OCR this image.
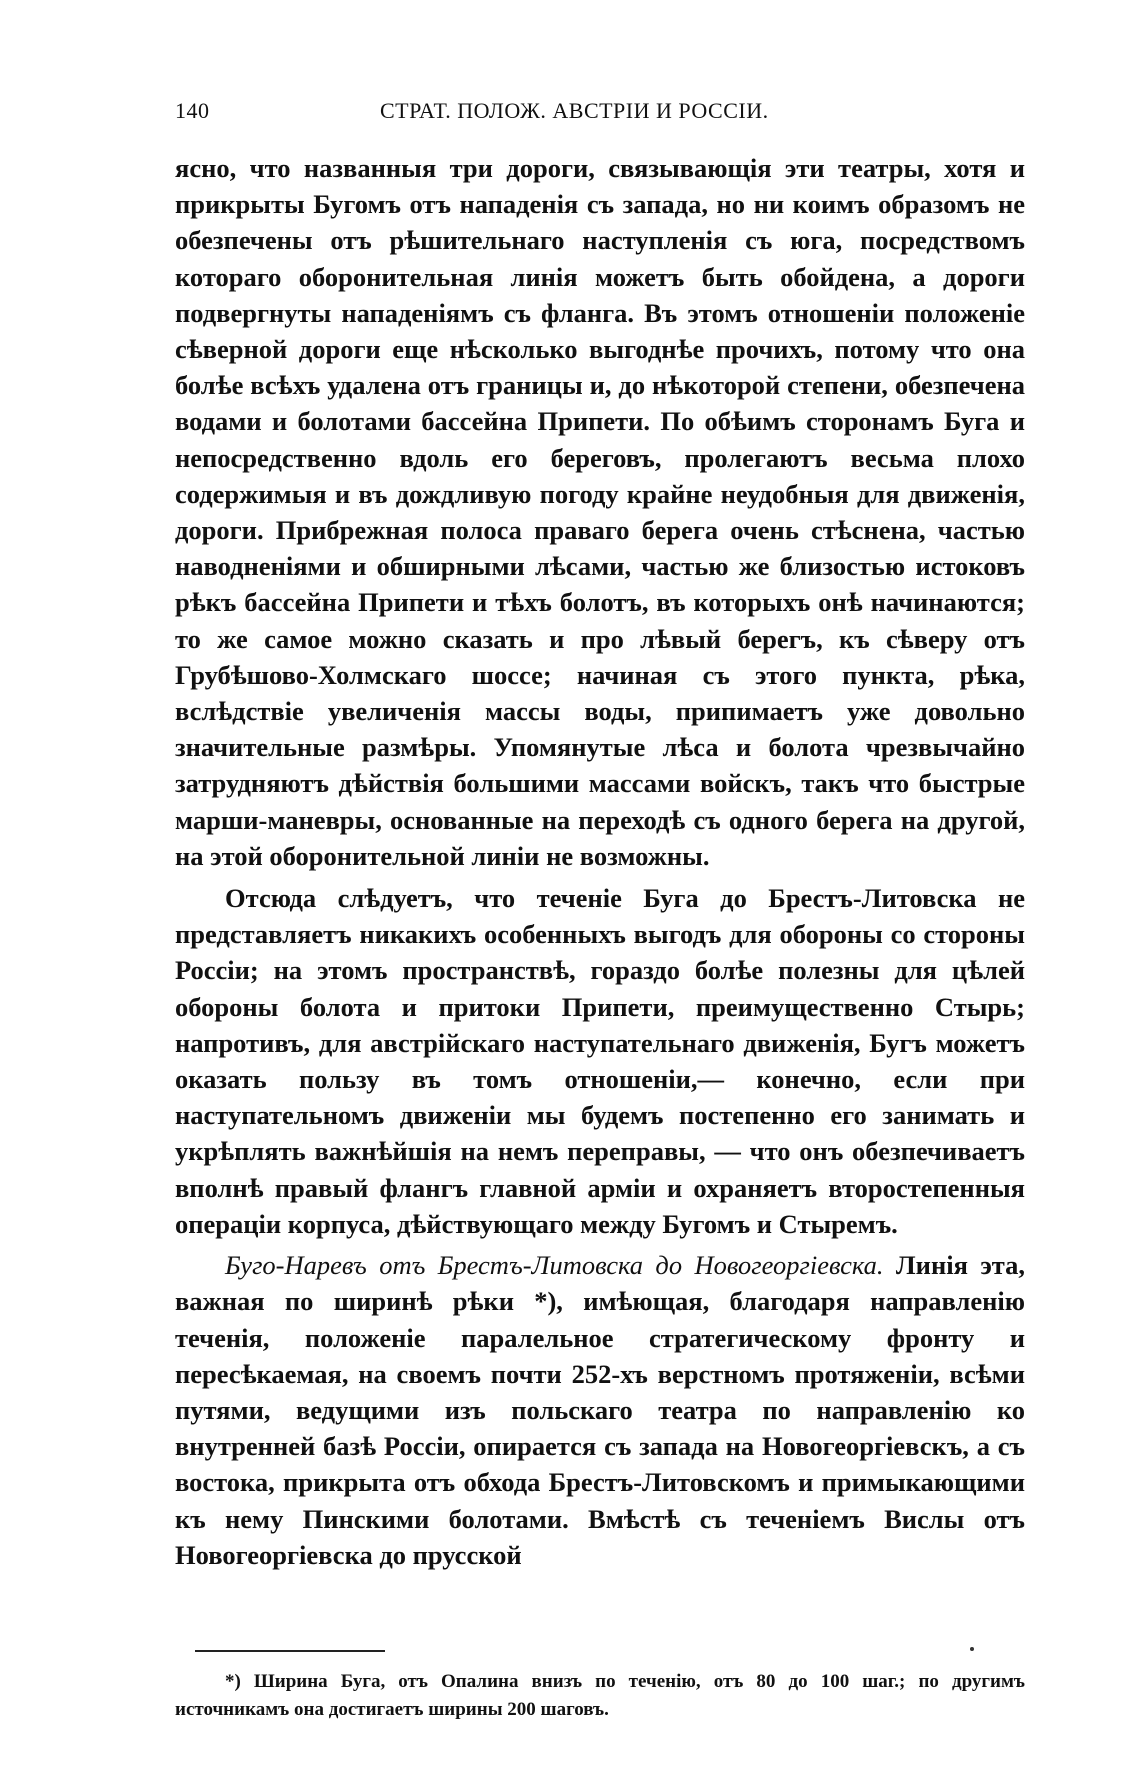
140	СТРАТ. ПОЛОЖ. АВСТРІИ И РОССІИ.

ясно, что названныя три дороги, связывающія эти театры, хотя и прикрыты Бугомъ отъ нападенія съ запада, но ни коимъ образомъ не обезпечены отъ рѣшительнаго наступленія съ юга, посредствомъ котораго оборонительная линія можетъ быть обойдена, а дороги подвергнуты нападеніямъ съ фланга. Въ этомъ отношеніи положеніе сѣверной дороги еще нѣсколько выгоднѣе прочихъ, потому что она болѣе всѣхъ удалена отъ границы и, до нѣкоторой степени, обезпечена водами и болотами бассейна Припети. По обѣимъ сторонамъ Буга и непосредственно вдоль его береговъ, пролегаютъ весьма плохо содержимыя и въ дождливую погоду крайне неудобныя для движенія, дороги. Прибрежная полоса праваго берега очень стѣснена, частью наводненіями и обширными лѣсами, частью же близостью истоковъ рѣкъ бассейна Припети и тѣхъ болотъ, въ которыхъ онѣ начинаются; то же самое можно сказать и про лѣвый берегъ, къ сѣверу отъ Грубѣшово-Холмскаго шоссе; начиная съ этого пункта, рѣка, вслѣдствіе увеличенія массы воды, припимаетъ уже довольно значительные размѣры. Упомянутые лѣса и болота чрезвычайно затрудняютъ дѣйствія большими массами войскъ, такъ что быстрые марши-маневры, основанные на переходѣ съ одного берега на другой, на этой оборонительной линіи не возможны.

Отсюда слѣдуетъ, что теченіе Буга до Брестъ-Литовска не представляетъ никакихъ особенныхъ выгодъ для обороны со стороны Россіи; на этомъ пространствѣ, гораздо болѣе полезны для цѣлей обороны болота и притоки Припети, преимущественно Стырь; напротивъ, для австрійскаго наступательнаго движенія, Бугъ можетъ оказать пользу въ томъ отношеніи,— конечно, если при наступательномъ движеніи мы будемъ постепенно его занимать и укрѣплять важнѣйшія на немъ переправы, — что онъ обезпечиваетъ вполнѣ правый флангъ главной арміи и охраняетъ второстепенныя операціи корпуса, дѣйствующаго между Бугомъ и Стыремъ.

Буго-Наревъ отъ Брестъ-Литовска до Новогеоргіевска. Линія эта, важная по ширинѣ рѣки *), имѣющая, благодаря направленію теченія, положеніе паралельное стратегическому фронту и пересѣкаемая, на своемъ почти 252-хъ верстномъ протяженіи, всѣми путями, ведущими изъ польскаго театра по направленію ко внутренней базѣ Россіи, опирается съ запада на Новогеоргіевскъ, а съ востока, прикрыта отъ обхода Брестъ-Литовскомъ и примыкающими къ нему Пинскими болотами. Вмѣстѣ съ теченіемъ Вислы отъ Новогеоргіевска до прусской

*) Ширина Буга, отъ Опалина внизъ по теченію, отъ 80 до 100 шаг.; по другимъ источникамъ она достигаетъ ширины 200 шаговъ.
